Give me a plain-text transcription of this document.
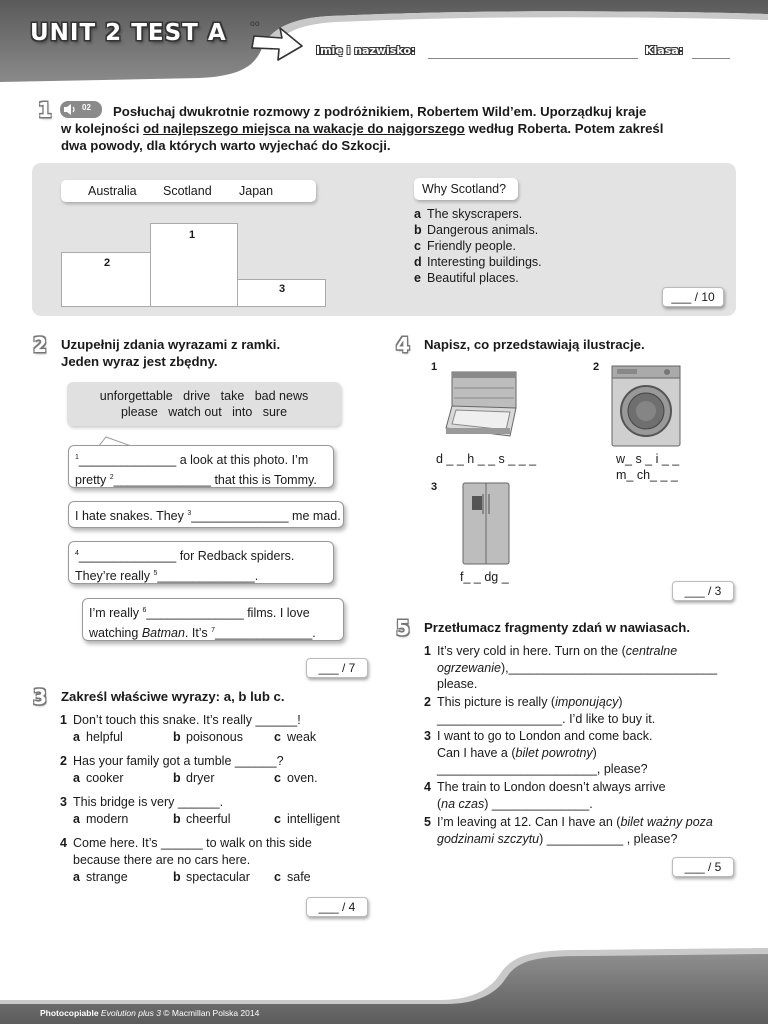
UNIT 2 TEST A	oo
Imię i nazwisko:	Klasa:
1	02 Posłuchaj dwukrotnie rozmowy z podróżnikiem, Robertem Wild’em. Uporządkuj kraje
w kolejności od najlepszego miejsca na wakacje do najgorszego według Roberta. Potem zakreśl
dwa powody, dla których warto wyjechać do Szkocji.
Australia Scotland Japan
1
2
3
Why Scotland?
a The skyscrapers.
b Dangerous animals.
c Friendly people.
d Interesting buildings.
e Beautiful places.
___ / 10
2 Uzupełnij zdania wyrazami z ramki.
Jeden wyraz jest zbędny.
unforgettable   drive   take   bad news
please   watch out   into   sure
$^1$______________ a look at this photo. I’m
pretty $^2$______________ that this is Tommy.
I hate snakes. They $^3$______________ me mad.
$^4$______________ for Redback spiders.
They’re really $^5$______________.
I’m really $^6$______________ films. I love
watching Batman. It’s $^7$______________.
___ / 7
3 Zakreśl właściwe wyrazy: a, b lub c.
1 Don’t touch this snake. It’s really ______!
a helpful	b poisonous c weak
2 Has your family got a tumble ______?
a cooker	b dryer	c oven.
3 This bridge is very ______.
a modern	b cheerful	c intelligent
4 Come here. It’s ______ to walk on this side
because there are no cars here.
a strange	b spectacular c safe
___ / 4
4 Napisz, co przedstawiają ilustracje.
1
d _ _ h _ _ s _ _ _
2
w_ s _ i _ _
m_ ch_ _ _
3
f_ _ dg _
___ / 3
5 Przetłumacz fragmenty zdań w nawiasach.
1 It’s very cold in here. Turn on the (centralne
ogrzewanie),______________________________
please.
2 This picture is really (imponujący)
__________________. I’d like to buy it.
3 I want to go to London and come back.
Can I have a (bilet powrotny)
_______________________, please?
4 The train to London doesn’t always arrive
(na czas) ______________.
5 I’m leaving at 12. Can I have an (bilet ważny poza
godzinami szczytu) ___________ , please?
___ / 5
Photocopiable Evolution plus 3 © Macmillan Polska 2014
